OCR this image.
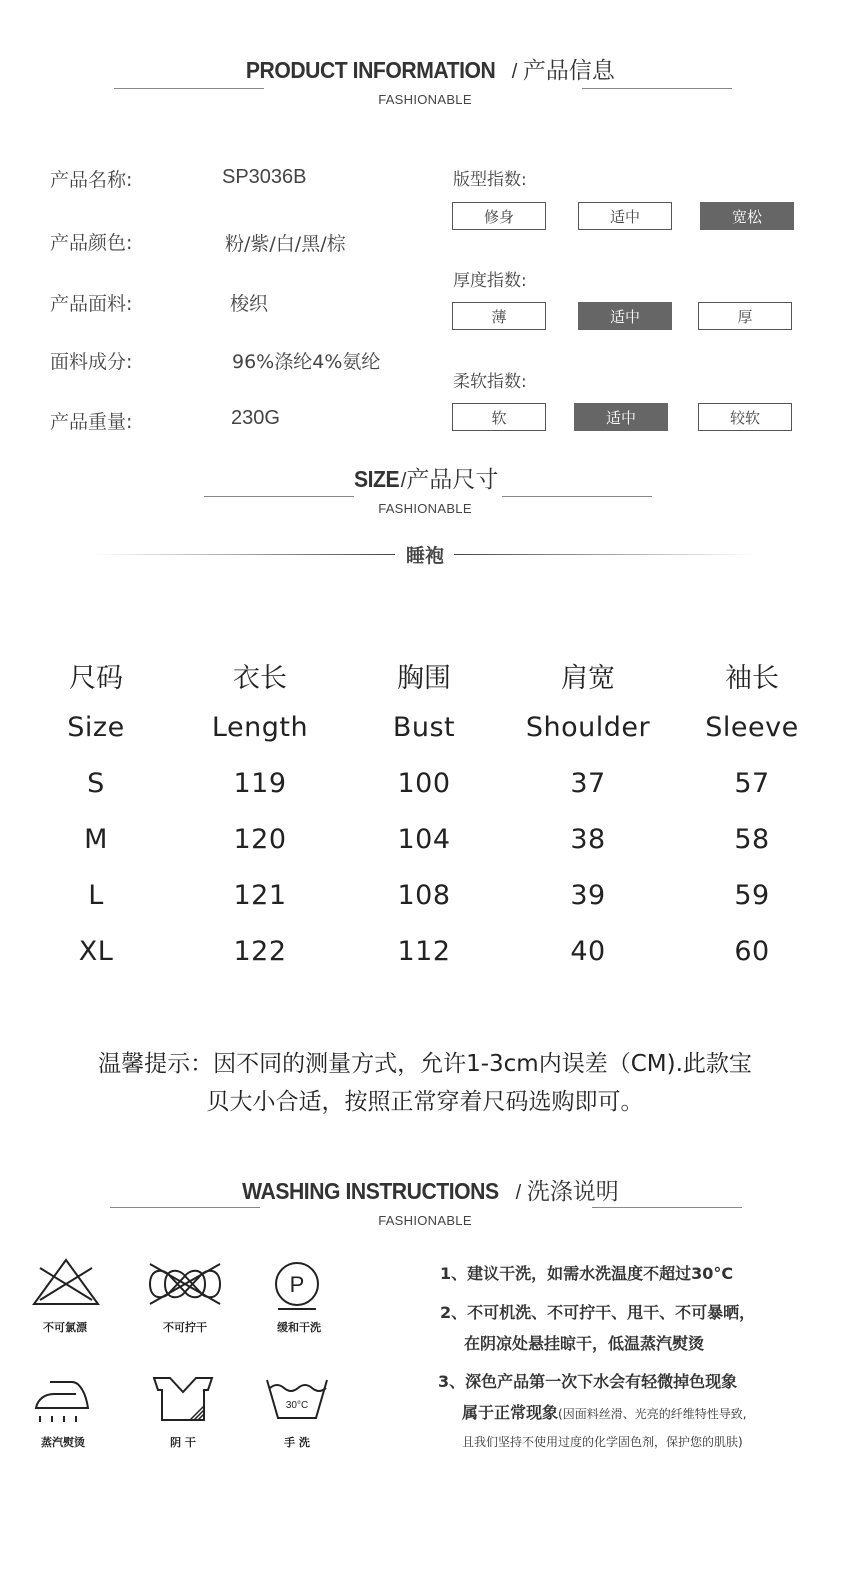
PRODUCT INFORMATION / 产品信息
FASHIONABLE
产品名称:	SP3036B
产品颜色:	粉/紫/白/黑/棕
产品面料:	梭织
面料成分:	96%涤纶4%氨纶
产品重量:	230G
版型指数:
修身	适中	宽松
厚度指数:
薄	适中	厚
柔软指数:
软	适中	较软
SIZE/产品尺寸
FASHIONABLE
睡袍
尺码	衣长	胸围	肩宽	袖长
Size	Length	Bust	Shoulder	Sleeve
S	119	100	37	57
M	120	104	38	58
L	121	108	39	59
XL	122	112	40	60
温馨提示：因不同的测量方式，允许1-3cm内误差（CM).此款宝
贝大小合适，按照正常穿着尺码选购即可。
WASHING INSTRUCTIONS / 洗涤说明
FASHIONABLE
不可氯漂	不可拧干
P
缓和干洗
蒸汽熨烫	阴 干
30°C
手 洗
1、建议干洗，如需水洗温度不超过30°C
2、不可机洗、不可拧干、甩干、不可暴晒，
在阴凉处悬挂晾干，低温蒸汽熨烫
3、深色产品第一次下水会有轻微掉色现象
属于正常现象(因面料丝滑、光亮的纤维特性导致,
且我们坚持不使用过度的化学固色剂，保护您的肌肤)
